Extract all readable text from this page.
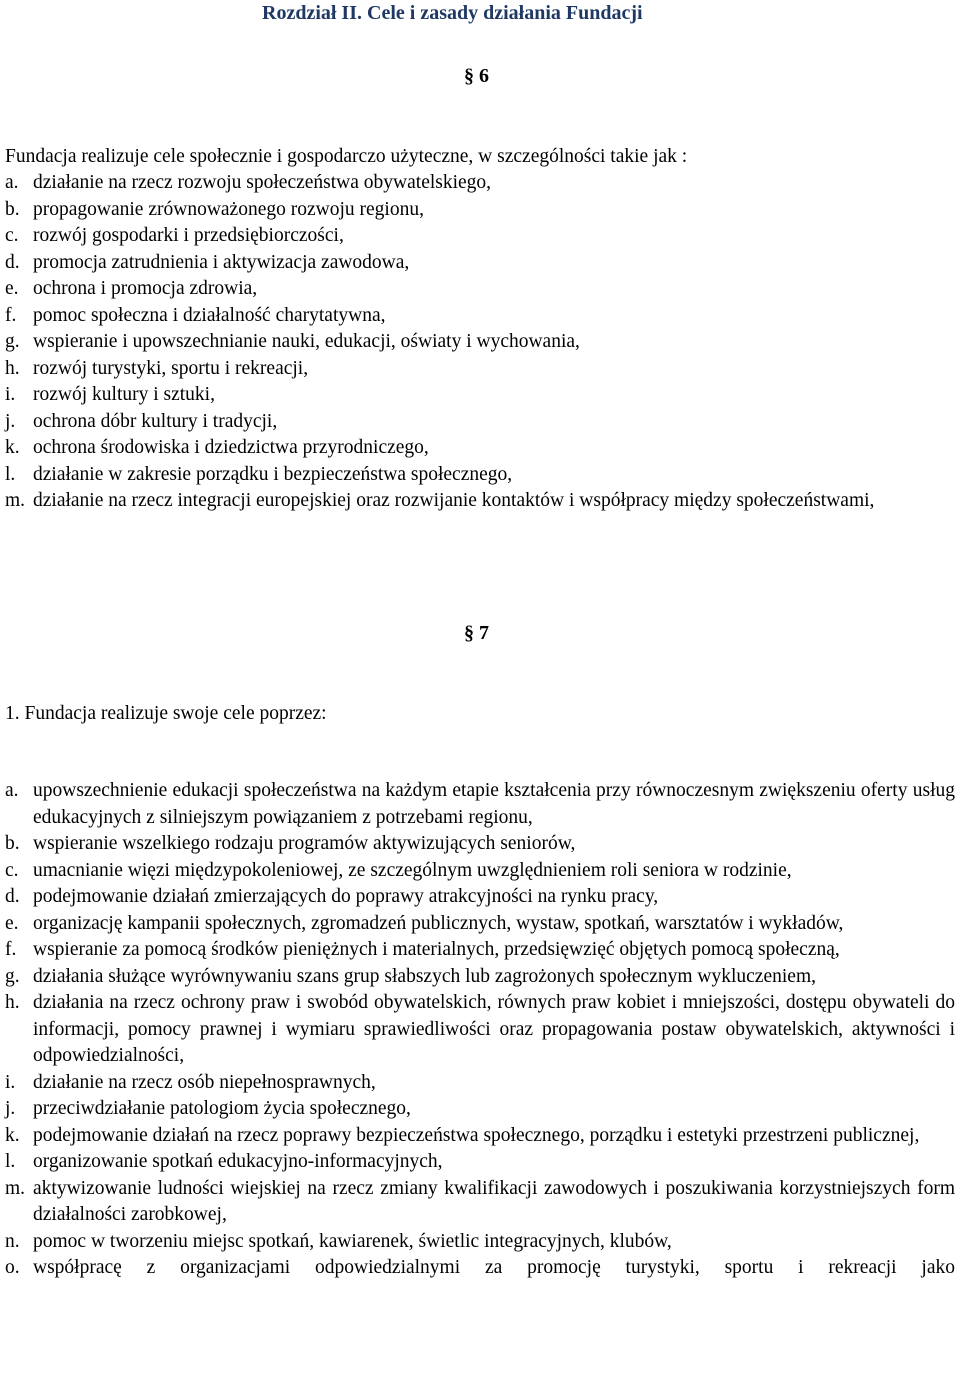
Rozdział II. Cele i zasady działania Fundacji
§ 6
Fundacja realizuje cele społecznie i gospodarczo użyteczne, w szczególności takie jak :
a. działanie na rzecz rozwoju społeczeństwa obywatelskiego,
b. propagowanie zrównoważonego rozwoju regionu,
c. rozwój gospodarki i przedsiębiorczości,
d. promocja zatrudnienia i aktywizacja zawodowa,
e. ochrona i promocja zdrowia,
f. pomoc społeczna i działalność charytatywna,
g. wspieranie i upowszechnianie nauki, edukacji, oświaty i wychowania,
h. rozwój turystyki, sportu i rekreacji,
i. rozwój kultury i sztuki,
j. ochrona dóbr kultury i tradycji,
k. ochrona środowiska i dziedzictwa przyrodniczego,
l. działanie w zakresie porządku i bezpieczeństwa społecznego,
m. działanie na rzecz integracji europejskiej oraz rozwijanie kontaktów i współpracy między społeczeństwami,
§ 7
1. Fundacja realizuje swoje cele poprzez:
a. upowszechnienie edukacji społeczeństwa na każdym etapie kształcenia przy równoczesnym zwiększeniu oferty usług edukacyjnych z silniejszym powiązaniem z potrzebami regionu,
b. wspieranie wszelkiego rodzaju programów aktywizujących seniorów,
c. umacnianie więzi międzypokoleniowej, ze szczególnym uwzględnieniem roli seniora w rodzinie,
d. podejmowanie działań zmierzających do poprawy atrakcyjności na rynku pracy,
e. organizację kampanii społecznych, zgromadzeń publicznych, wystaw, spotkań, warsztatów i wykładów,
f. wspieranie za pomocą środków pieniężnych i materialnych, przedsięwzięć objętych pomocą społeczną,
g. działania służące wyrównywaniu szans grup słabszych lub zagrożonych społecznym wykluczeniem,
h. działania na rzecz ochrony praw i swobód obywatelskich, równych praw kobiet i mniejszości, dostępu obywateli do informacji, pomocy prawnej i wymiaru sprawiedliwości oraz propagowania postaw obywatelskich, aktywności i odpowiedzialności,
i. działanie na rzecz osób niepełnosprawnych,
j. przeciwdziałanie patologiom życia społecznego,
k. podejmowanie działań na rzecz poprawy bezpieczeństwa społecznego, porządku i estetyki przestrzeni publicznej,
l. organizowanie spotkań edukacyjno-informacyjnych,
m. aktywizowanie ludności wiejskiej na rzecz zmiany kwalifikacji zawodowych i poszukiwania korzystniejszych form działalności zarobkowej,
n. pomoc w tworzeniu miejsc spotkań, kawiarenek, świetlic integracyjnych, klubów,
o. współpracę z organizacjami odpowiedzialnymi za promocję turystyki, sportu i rekreacji jako
